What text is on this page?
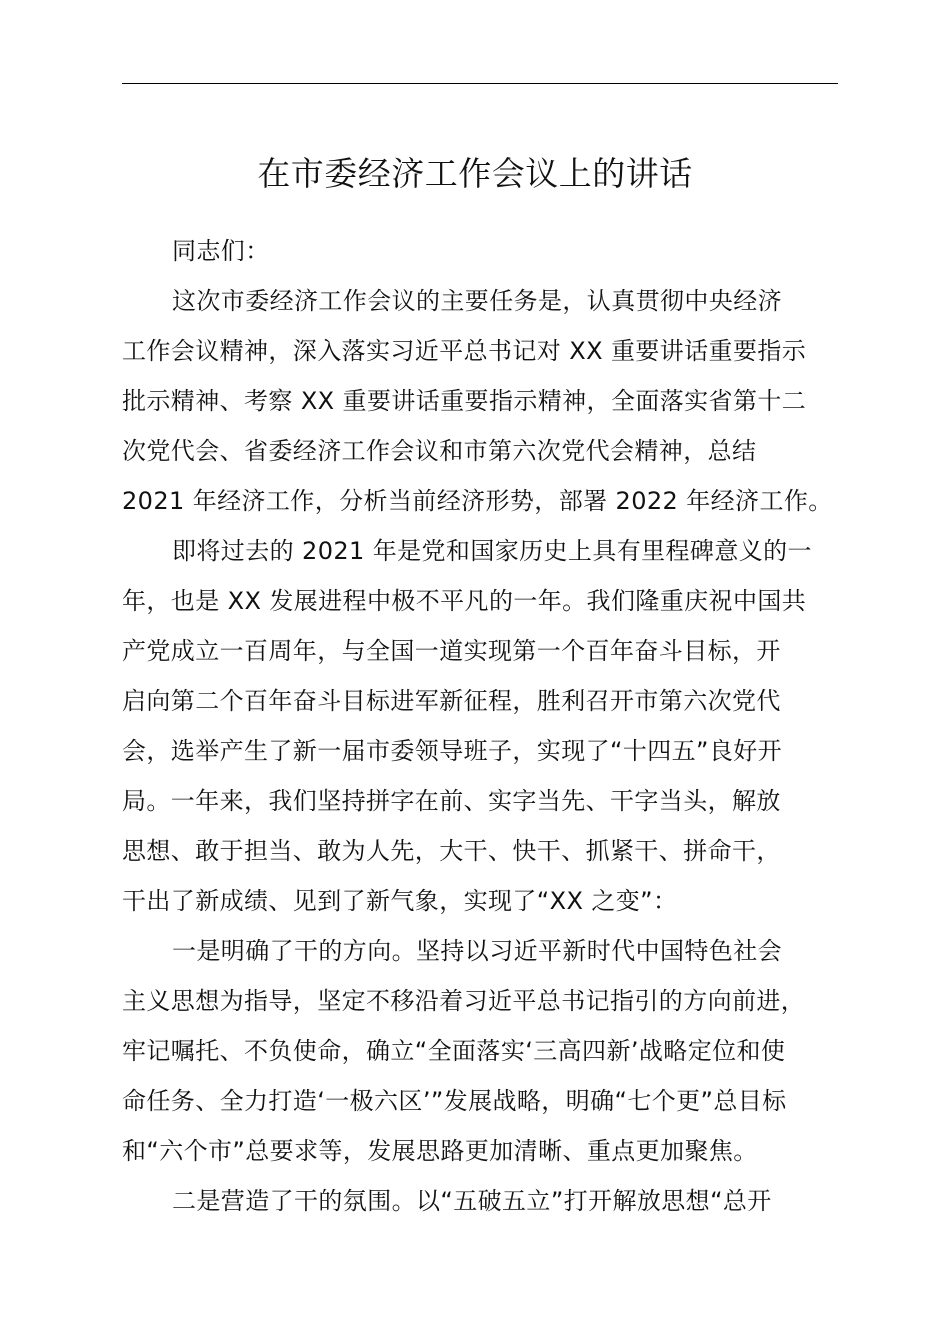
在市委经济工作会议上的讲话

同志们：

这次市委经济工作会议的主要任务是，认真贯彻中央经济
工作会议精神，深入落实习近平总书记对 XX 重要讲话重要指示
批示精神、考察 XX 重要讲话重要指示精神，全面落实省第十二
次党代会、省委经济工作会议和市第六次党代会精神，总结
2021 年经济工作，分析当前经济形势，部署 2022 年经济工作。

即将过去的 2021 年是党和国家历史上具有里程碑意义的一
年，也是 XX 发展进程中极不平凡的一年。我们隆重庆祝中国共
产党成立一百周年，与全国一道实现第一个百年奋斗目标，开
启向第二个百年奋斗目标进军新征程，胜利召开市第六次党代
会，选举产生了新一届市委领导班子，实现了“十四五”良好开
局。一年来，我们坚持拼字在前、实字当先、干字当头，解放
思想、敢于担当、敢为人先，大干、快干、抓紧干、拼命干，
干出了新成绩、见到了新气象，实现了“XX 之变”：

一是明确了干的方向。坚持以习近平新时代中国特色社会
主义思想为指导，坚定不移沿着习近平总书记指引的方向前进，
牢记嘱托、不负使命，确立“全面落实‘三高四新’战略定位和使
命任务、全力打造‘一极六区’”发展战略，明确“七个更”总目标
和“六个市”总要求等，发展思路更加清晰、重点更加聚焦。

二是营造了干的氛围。以“五破五立”打开解放思想“总开
